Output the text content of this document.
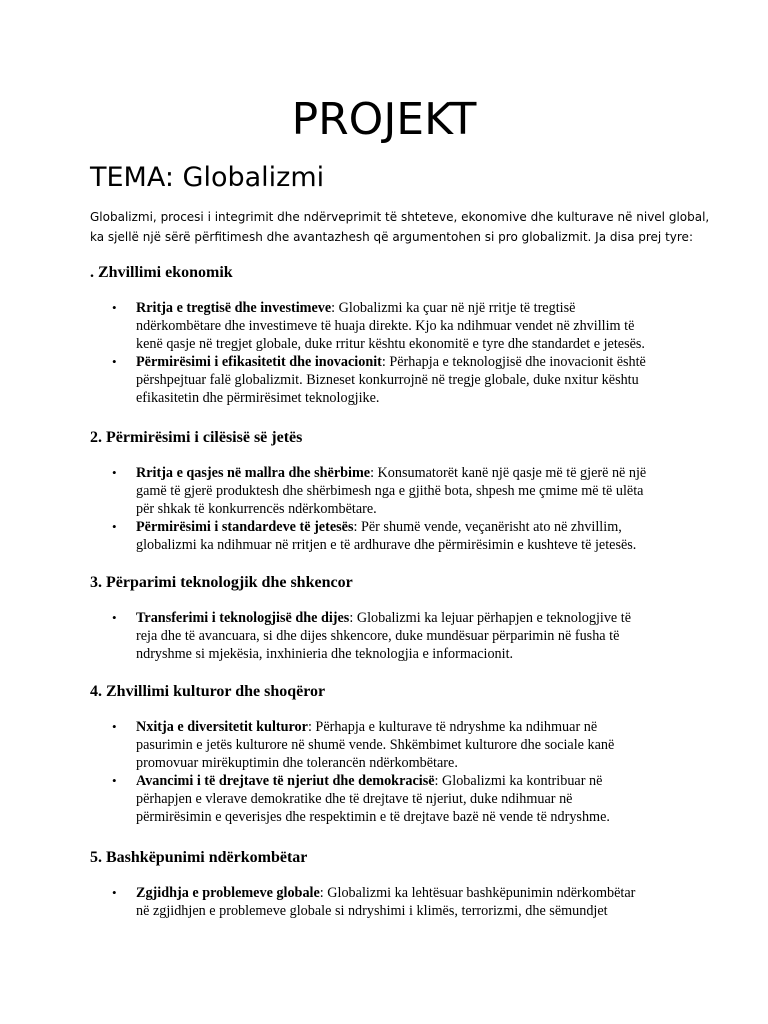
PROJEKT
TEMA: Globalizmi

Globalizmi, procesi i integrimit dhe ndërveprimit të shteteve, ekonomive dhe kulturave në nivel global,
ka sjellë një sërë përfitimesh dhe avantazhesh që argumentohen si pro globalizmit. Ja disa prej tyre:

. Zhvillimi ekonomik
• Rritja e tregtisë dhe investimeve: Globalizmi ka çuar në një rritje të tregtisë
ndërkombëtare dhe investimeve të huaja direkte. Kjo ka ndihmuar vendet në zhvillim të
kenë qasje në tregjet globale, duke rritur kështu ekonomitë e tyre dhe standardet e jetesës.
• Përmirësimi i efikasitetit dhe inovacionit: Përhapja e teknologjisë dhe inovacionit është
përshpejtuar falë globalizmit. Bizneset konkurrojnë në tregje globale, duke nxitur kështu
efikasitetin dhe përmirësimet teknologjike.
2. Përmirësimi i cilësisë së jetës
• Rritja e qasjes në mallra dhe shërbime: Konsumatorët kanë një qasje më të gjerë në një
gamë të gjerë produktesh dhe shërbimesh nga e gjithë bota, shpesh me çmime më të ulëta
për shkak të konkurrencës ndërkombëtare.
• Përmirësimi i standardeve të jetesës: Për shumë vende, veçanërisht ato në zhvillim,
globalizmi ka ndihmuar në rritjen e të ardhurave dhe përmirësimin e kushteve të jetesës.
3. Përparimi teknologjik dhe shkencor
• Transferimi i teknologjisë dhe dijes: Globalizmi ka lejuar përhapjen e teknologjive të
reja dhe të avancuara, si dhe dijes shkencore, duke mundësuar përparimin në fusha të
ndryshme si mjekësia, inxhinieria dhe teknologjia e informacionit.
4. Zhvillimi kulturor dhe shoqëror
• Nxitja e diversitetit kulturor: Përhapja e kulturave të ndryshme ka ndihmuar në
pasurimin e jetës kulturore në shumë vende. Shkëmbimet kulturore dhe sociale kanë
promovuar mirëkuptimin dhe tolerancën ndërkombëtare.
• Avancimi i të drejtave të njeriut dhe demokracisë: Globalizmi ka kontribuar në
përhapjen e vlerave demokratike dhe të drejtave të njeriut, duke ndihmuar në
përmirësimin e qeverisjes dhe respektimin e të drejtave bazë në vende të ndryshme.
5. Bashkëpunimi ndërkombëtar
• Zgjidhja e problemeve globale: Globalizmi ka lehtësuar bashkëpunimin ndërkombëtar
në zgjidhjen e problemeve globale si ndryshimi i klimës, terrorizmi, dhe sëmundjet
